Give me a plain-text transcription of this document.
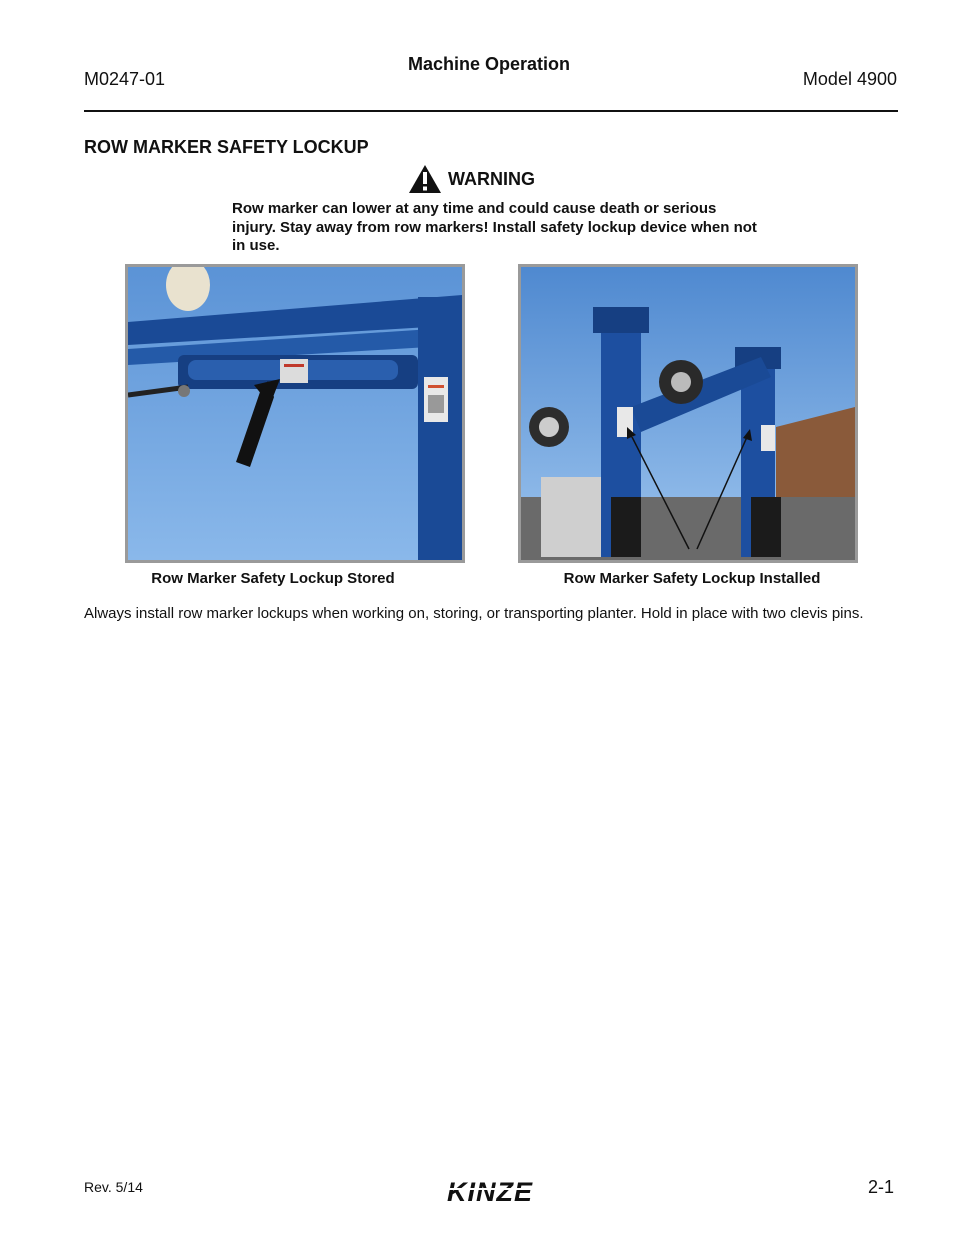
M0247-01
Machine Operation
Model 4900
ROW MARKER SAFETY LOCKUP
WARNING
Row marker can lower at any time and could cause death or serious injury. Stay away from row markers! Install safety lockup device when not in use.
Row Marker Safety Lockup Stored	Row Marker Safety Lockup Installed
Always install row marker lockups when working on, storing, or transporting planter. Hold in place with two clevis pins.
Rev. 5/14	KINZE	2-1
